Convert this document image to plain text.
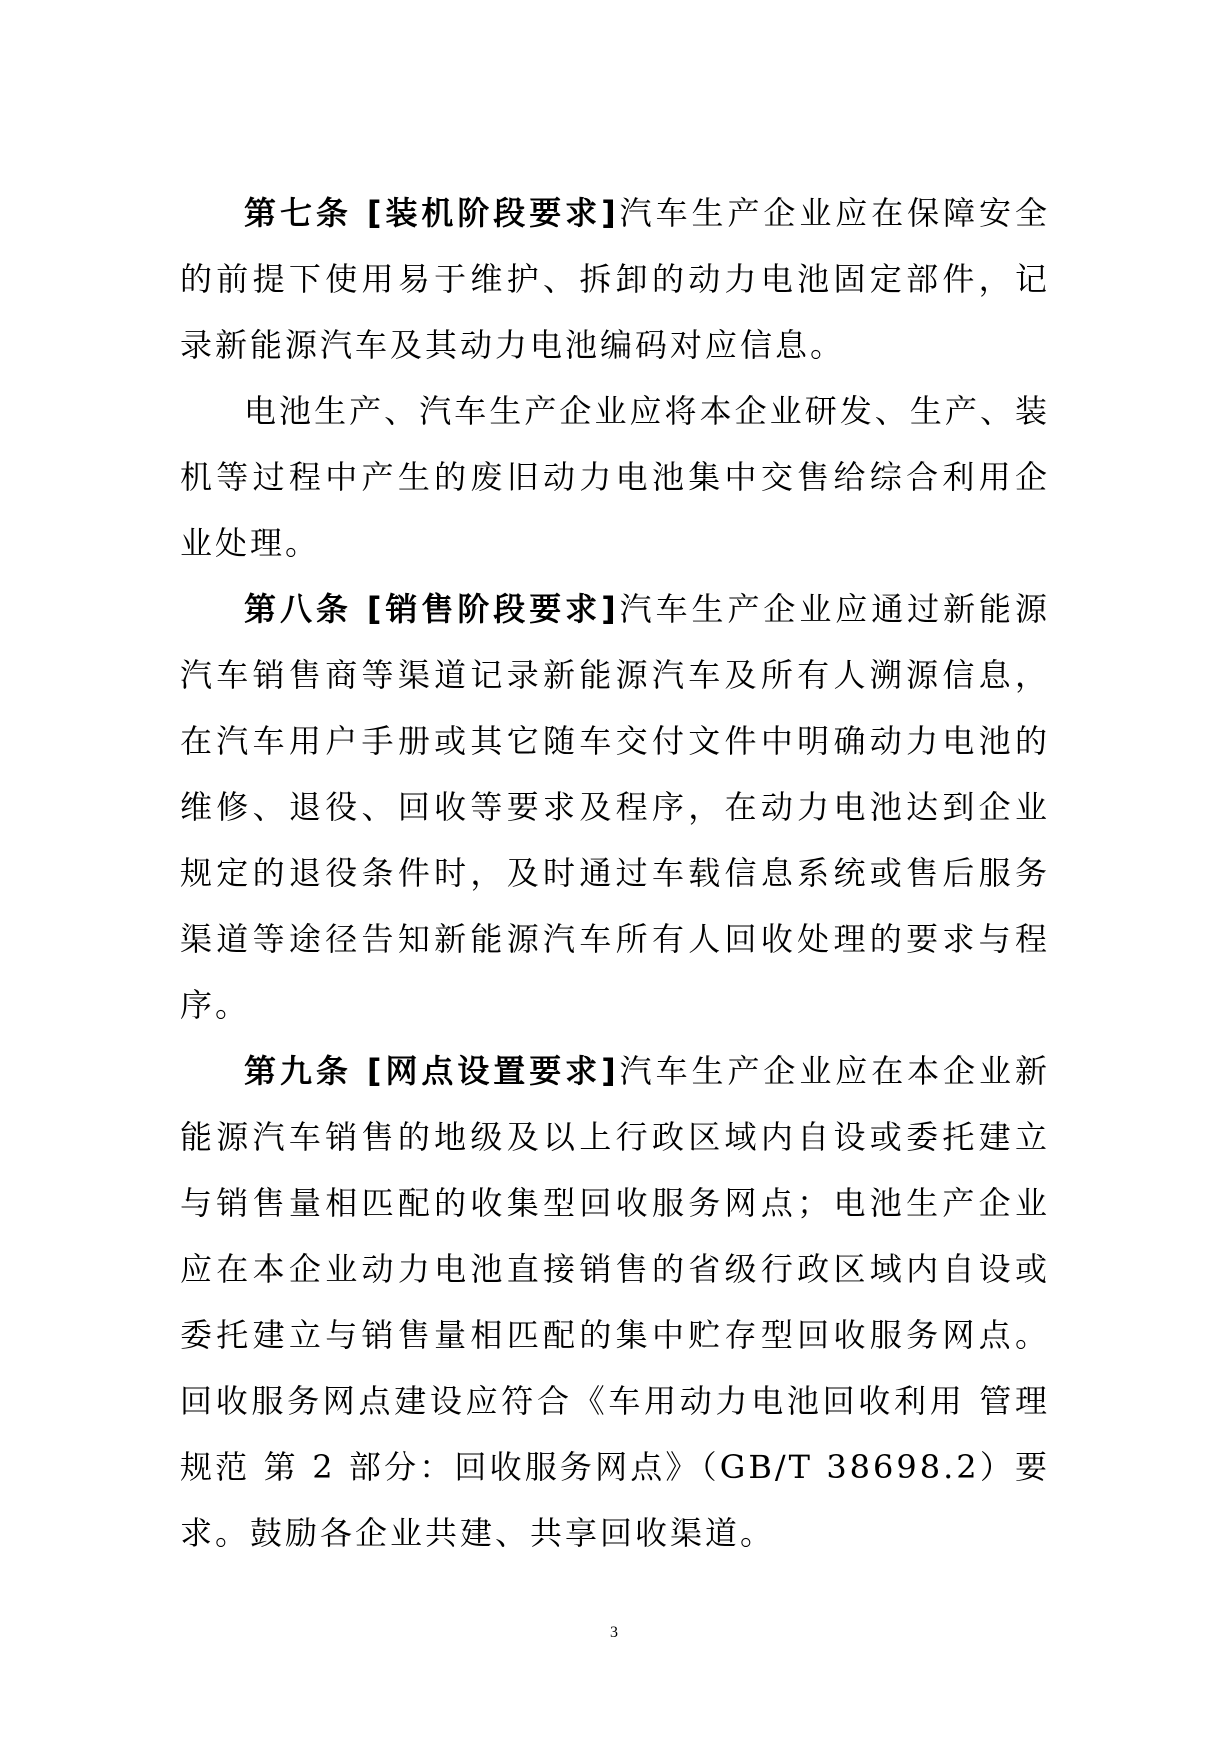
第七条 [装机阶段要求]汽车生产企业应在保障安全的前提下使用易于维护、拆卸的动力电池固定部件，记录新能源汽车及其动力电池编码对应信息。

电池生产、汽车生产企业应将本企业研发、生产、装机等过程中产生的废旧动力电池集中交售给综合利用企业处理。

第八条 [销售阶段要求]汽车生产企业应通过新能源汽车销售商等渠道记录新能源汽车及所有人溯源信息，在汽车用户手册或其它随车交付文件中明确动力电池的维修、退役、回收等要求及程序，在动力电池达到企业规定的退役条件时，及时通过车载信息系统或售后服务渠道等途径告知新能源汽车所有人回收处理的要求与程序。

第九条 [网点设置要求]汽车生产企业应在本企业新能源汽车销售的地级及以上行政区域内自设或委托建立与销售量相匹配的收集型回收服务网点；电池生产企业应在本企业动力电池直接销售的省级行政区域内自设或委托建立与销售量相匹配的集中贮存型回收服务网点。回收服务网点建设应符合《车用动力电池回收利用 管理规范 第 2 部分：回收服务网点》（GB/T 38698.2）要求。鼓励各企业共建、共享回收渠道。

3
